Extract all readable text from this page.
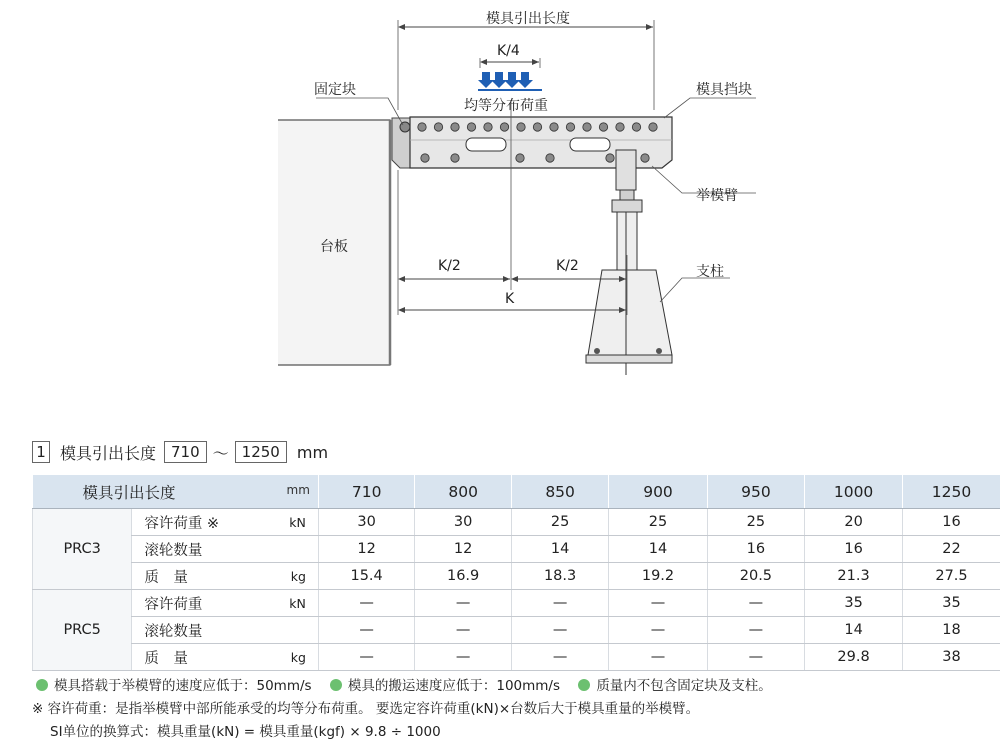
模具引出长度
K/4
均等分布荷重
固定块	模具挡块
举模臂
台板
K/2	K/2
K
支柱
1 模具引出长度	710 ～ 1250	mm
模具引出长度 mm			710	800	850	900	950	1000	1250
PRC3	容许荷重 ※	kN	30	30	25	25	25	20	16
	滚轮数量		12	12	14	14	16	16	22
	质　量	kg	15.4	16.9	18.3	19.2	20.5	21.3	27.5
PRC5	容许荷重	kN	—	—	—	—	—	35	35
	滚轮数量		—	—	—	—	—	14	18
	质　量	kg	—	—	—	—	—	29.8	38
模具搭载于举模臂的速度应低于：50mm/s	模具的搬运速度应低于：100mm/s	质量内不包含固定块及支柱。
※ 容许荷重：是指举模臂中部所能承受的均等分布荷重。 要选定容许荷重(kN)×台数后大于模具重量的举模臂。
SI单位的换算式：模具重量(kN) = 模具重量(kgf) × 9.8 ÷ 1000
